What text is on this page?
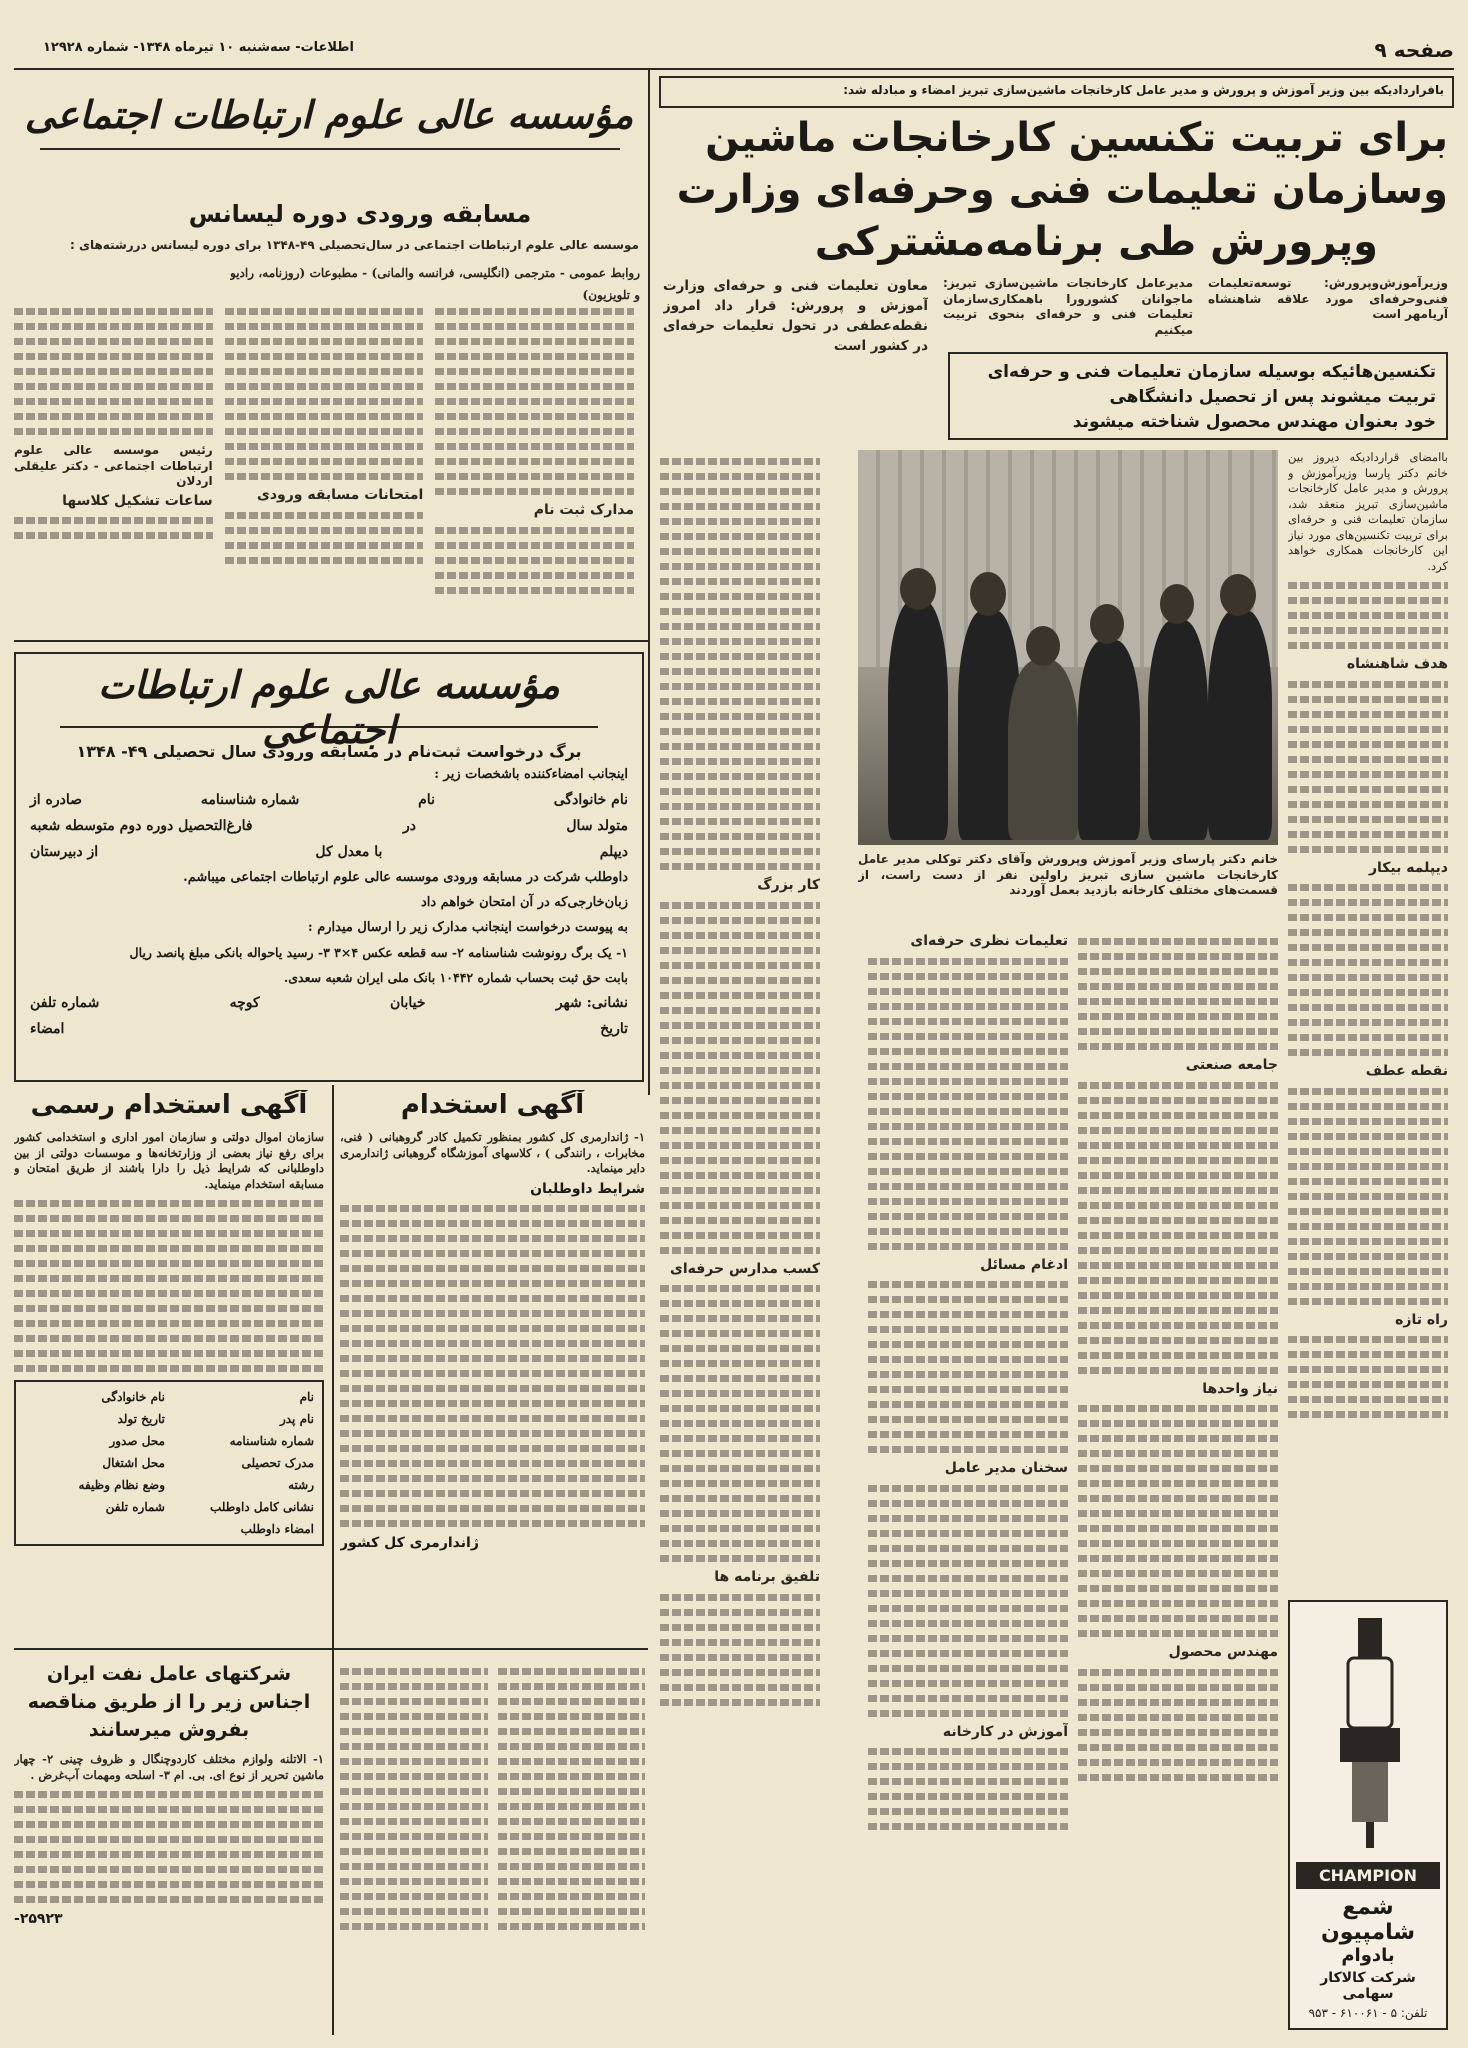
صفحه ۹
اطلاعات- سه‌شنبه ۱۰ تیرماه ۱۳۴۸- شماره ۱۲۹۲۸
بافرارداد‌یکه بین وزیر آموزش و پرورش و مدیر عامل کارخانجات ماشین‌سازی تبریز امضاء و مبادله شد:
برای تربیت تکنسین کارخانجات ماشین
وسازمان تعلیمات فنی وحرفه‌ای وزارت
وپرورش طی برنامه‌مشترکی
وزیرآموزش‌وپرورش: توسعه‌تعلیمات فنی‌وحرفه‌ای مورد علاقه شاهنشاه آریامهر است
مدیرعامل کارخانجات ماشین‌سازی تبریز: ماجوانان کشورورا باهمکاری‌سازمان تعلیمات فنی و حرفه‌ای بنحوی تربیت میکنیم
معاون تعلیمات فنی و حرفه‌ای وزارت آموزش و پرورش: قرار داد امروز نقطه‌عطفی در تحول تعلیمات حرفه‌ای در کشور است
تکنسین‌هائیکه بوسیله سازمان تعلیمات فنی و حرفه‌ای
تربیت میشوند پس از تحصیل دانشگاهی
خود بعنوان مهندس محصول شناخته میشوند
خانم دکتر پارسای وزیر آموزش وپرورش وآقای دکتر توکلی مدیر عامل کارخانجات ماشین سازی تبریز راولین نفر از دست راست، از قسمت‌های مختلف کارخانه بازدید بعمل آوردند

باامضای قرارداد‌یکه دیروز بین خانم دکتر پارسا وزیرآموزش و پرورش و مدیر عامل کارخانجات ماشین‌سازی تبریز منعقد شد، سازمان تعلیمات فنی و حرفه‌ای برای تربیت تکنسین‌های مورد نیاز این کارخانجات همکاری خواهد کرد.

هدف شاهنشاه
دیپلمه بیکار
نقطه عطف
راه تازه
جامعه صنعتی
نیاز واحدها
مهندس محصول
تعلیمات نظری حرفه‌ای
ادغام مسائل
سخنان مدیر عامل
آموزش در کارخانه
کار بزرگ
کسب مدارس حرفه‌ای
تلفیق برنامه ها
CHAMPION
شمع شامپیون
بادوام
شرکت کالاکار سهامی
تلفن: ۵ - ۶۱۰۰۶۱ - ۹۵۳
مؤسسه عالی علوم ارتباطات اجتماعی
مسابقه ورودی دوره لیسانس
موسسه عالی علوم ارتباطات اجتماعی در سال‌تحصیلی ۴۹-۱۳۴۸ برای دوره لیسانس دررشته‌های :
روابط عمومی - مترجمی (انگلیسی، فرانسه والمانی) - مطبوعات (روزنامه، رادیو و تلویزیون)
مدارک ثبت نام
امتحانات مسابقه ورودی
رئیس موسسه عالی علوم ارتباطات اجتماعی - دکتر علیقلی اردلان
ساعات تشکیل کلاسها
مؤسسه عالی علوم ارتباطات اجتماعی
برگ درخواست ثبت‌نام در مسابقه ورودی سال تحصیلی ۴۹- ۱۳۴۸
اینجانب امضاءکننده باشخصات زیر :
نام خانوادگی
نام
شماره شناسنامه
صادره از
متولد سال
در
فارغ‌التحصیل دوره دوم متوسطه شعبه
دیپلم
با معدل کل
از دبیرستان
داوطلب شرکت در مسابقه ورودی موسسه عالی علوم ارتباطات اجتماعی میباشم.
زبان‌خارجی‌که در آن امتحان خواهم داد
به پیوست درخواست اینجانب مدارک زیر را ارسال میدارم :
۱- یک برگ رونوشت شناسنامه ۲- سه قطعه عکس ۴×۳ ۳- رسید یاحواله بانکی مبلغ پانصد ریال
بابت حق ثبت بحساب شماره ۱۰۴۴۲ بانک ملی ایران شعبه سعدی.
نشانی: شهر
خیابان
کوچه
شماره تلفن
تاریخ
امضاء
آگهی استخدام
۱- ژاندارمری کل کشور بمنظور تکمیل کادر گروهبانی ( فنی، مخابرات ، رانندگی ) ، کلاسهای آموزشگاه گروهبانی ژاندارمری دایر مینماید.
شرایط داوطلبان
ژاندارمری کل کشور
آگهی استخدام رسمی
سازمان اموال دولتی و سازمان امور اداری و استخدامی کشور برای رفع نیاز بعضی از وزارتخانه‌ها و موسسات دولتی از بین داوطلبانی که شرایط ذیل را دارا باشند از طریق امتحان و مسابقه استخدام مینماید.
نام
نام خانوادگی
نام پدر
تاریخ تولد
شماره شناسنامه
محل صدور
مدرک تحصیلی
محل اشتغال
رشته
وضع نظام وظیفه
نشانی کامل داوطلب
شماره تلفن
امضاء داوطلب
شرکتهای عامل نفت ایران اجناس زیر را از طریق مناقصه بفروش میرسانند
۱- الاتلنه ولوازم مختلف کاردوچنگال و ظروف چینی ۲- چهار ماشین تحریر از نوع ای. بی. ام ۳- اسلحه ومهمات آب‌غرض .
۲۵۹۲۳-
